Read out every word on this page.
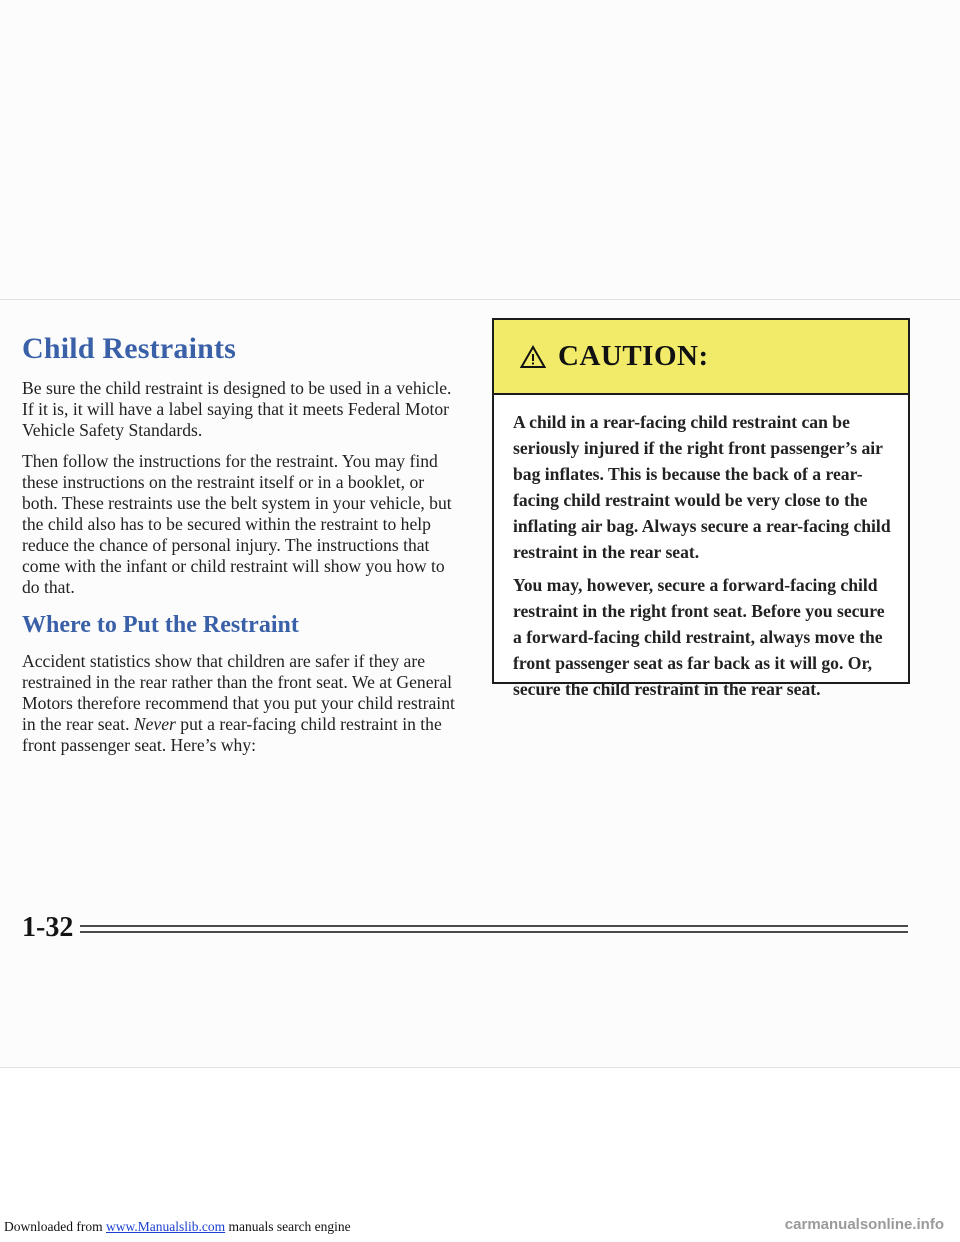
Child Restraints

Be sure the child restraint is designed to be used in a vehicle. If it is, it will have a label saying that it meets Federal Motor Vehicle Safety Standards.

Then follow the instructions for the restraint. You may find these instructions on the restraint itself or in a booklet, or both. These restraints use the belt system in your vehicle, but the child also has to be secured within the restraint to help reduce the chance of personal injury. The instructions that come with the infant or child restraint will show you how to do that.

Where to Put the Restraint

Accident statistics show that children are safer if they are restrained in the rear rather than the front seat. We at General Motors therefore recommend that you put your child restraint in the rear seat. Never put a rear-facing child restraint in the front passenger seat. Here’s why:

CAUTION:

A child in a rear-facing child restraint can be seriously injured if the right front passenger’s air bag inflates. This is because the back of a rear-facing child restraint would be very close to the inflating air bag. Always secure a rear-facing child restraint in the rear seat.

You may, however, secure a forward-facing child restraint in the right front seat. Before you secure a forward-facing child restraint, always move the front passenger seat as far back as it will go. Or, secure the child restraint in the rear seat.

1-32
Downloaded from www.Manualslib.com manuals search engine	carmanualsonline.info
